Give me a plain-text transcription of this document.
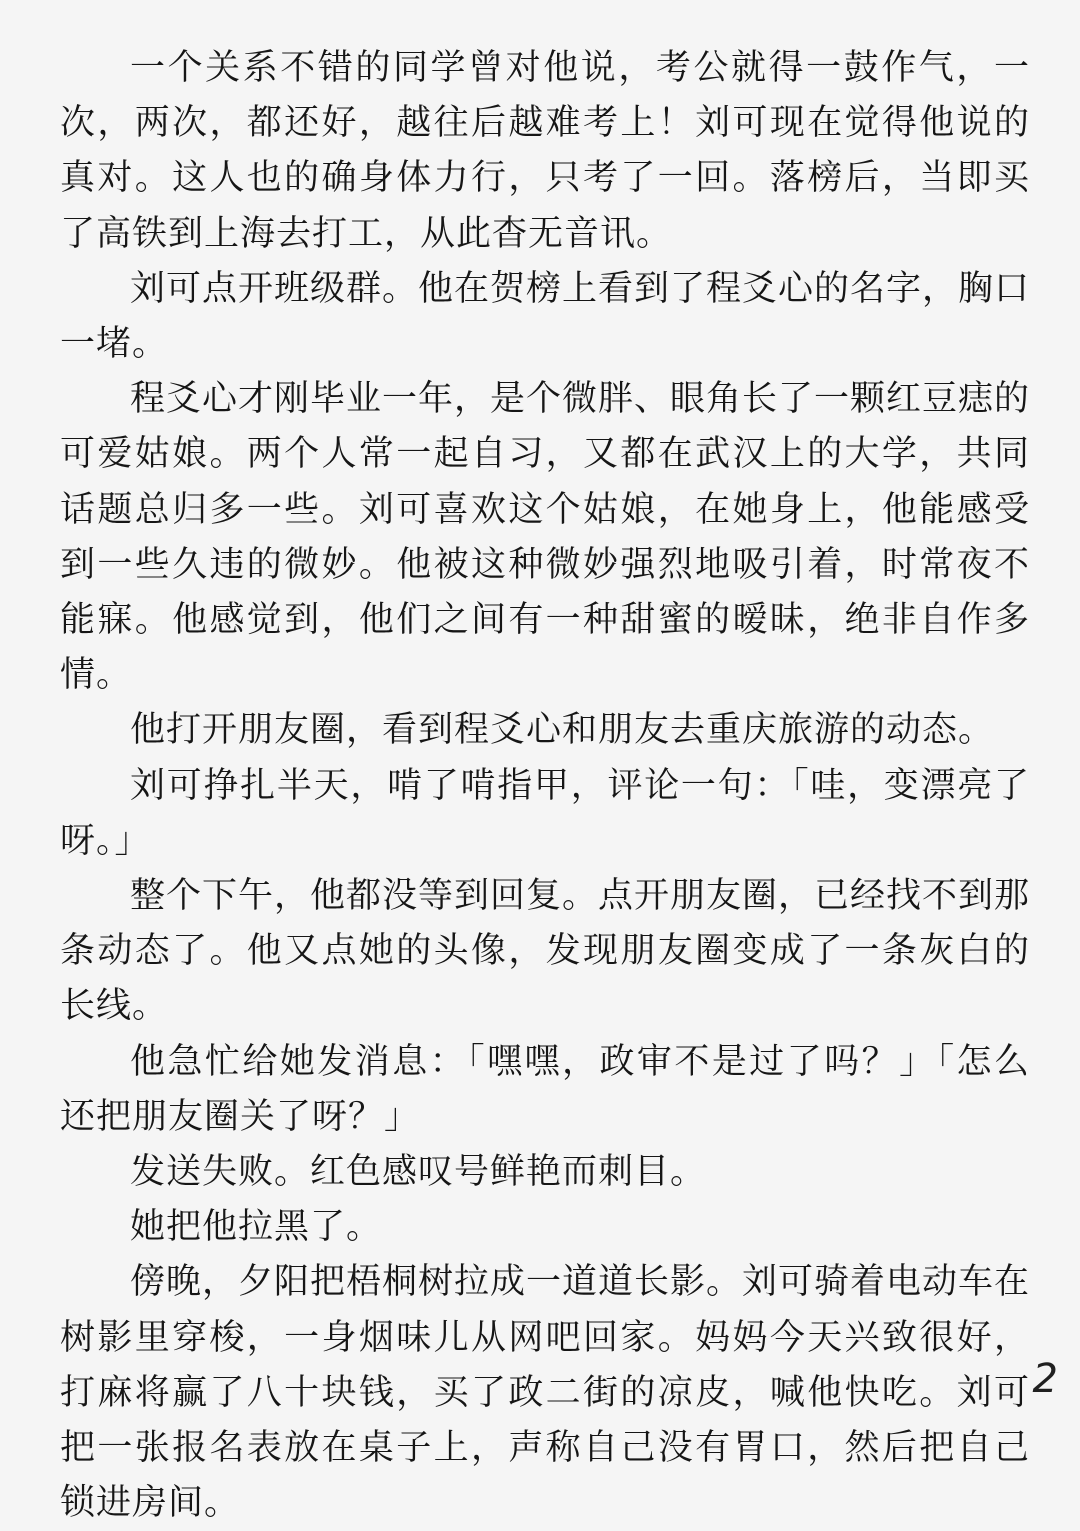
一个关系不错的同学曾对他说，考公就得一鼓作气，一次，两次，都还好，越往后越难考上！刘可现在觉得他说的真对。这人也的确身体力行，只考了一回。落榜后，当即买了高铁到上海去打工，从此杳无音讯。

刘可点开班级群。他在贺榜上看到了程爻心的名字，胸口一堵。

程爻心才刚毕业一年，是个微胖、眼角长了一颗红豆痣的可爱姑娘。两个人常一起自习，又都在武汉上的大学，共同话题总归多一些。刘可喜欢这个姑娘，在她身上，他能感受到一些久违的微妙。他被这种微妙强烈地吸引着，时常夜不能寐。他感觉到，他们之间有一种甜蜜的暧昧，绝非自作多情。

他打开朋友圈，看到程爻心和朋友去重庆旅游的动态。

刘可挣扎半天，啃了啃指甲，评论一句：「哇，变漂亮了呀。」

整个下午，他都没等到回复。点开朋友圈，已经找不到那条动态了。他又点她的头像，发现朋友圈变成了一条灰白的长线。

他急忙给她发消息：「嘿嘿，政审不是过了吗？」「怎么还把朋友圈关了呀？」

发送失败。红色感叹号鲜艳而刺目。

她把他拉黑了。

傍晚，夕阳把梧桐树拉成一道道长影。刘可骑着电动车在树影里穿梭，一身烟味儿从网吧回家。妈妈今天兴致很好，打麻将赢了八十块钱，买了政二街的凉皮，喊他快吃。刘可把一张报名表放在桌子上，声称自己没有胃口，然后把自己锁进房间。

2
